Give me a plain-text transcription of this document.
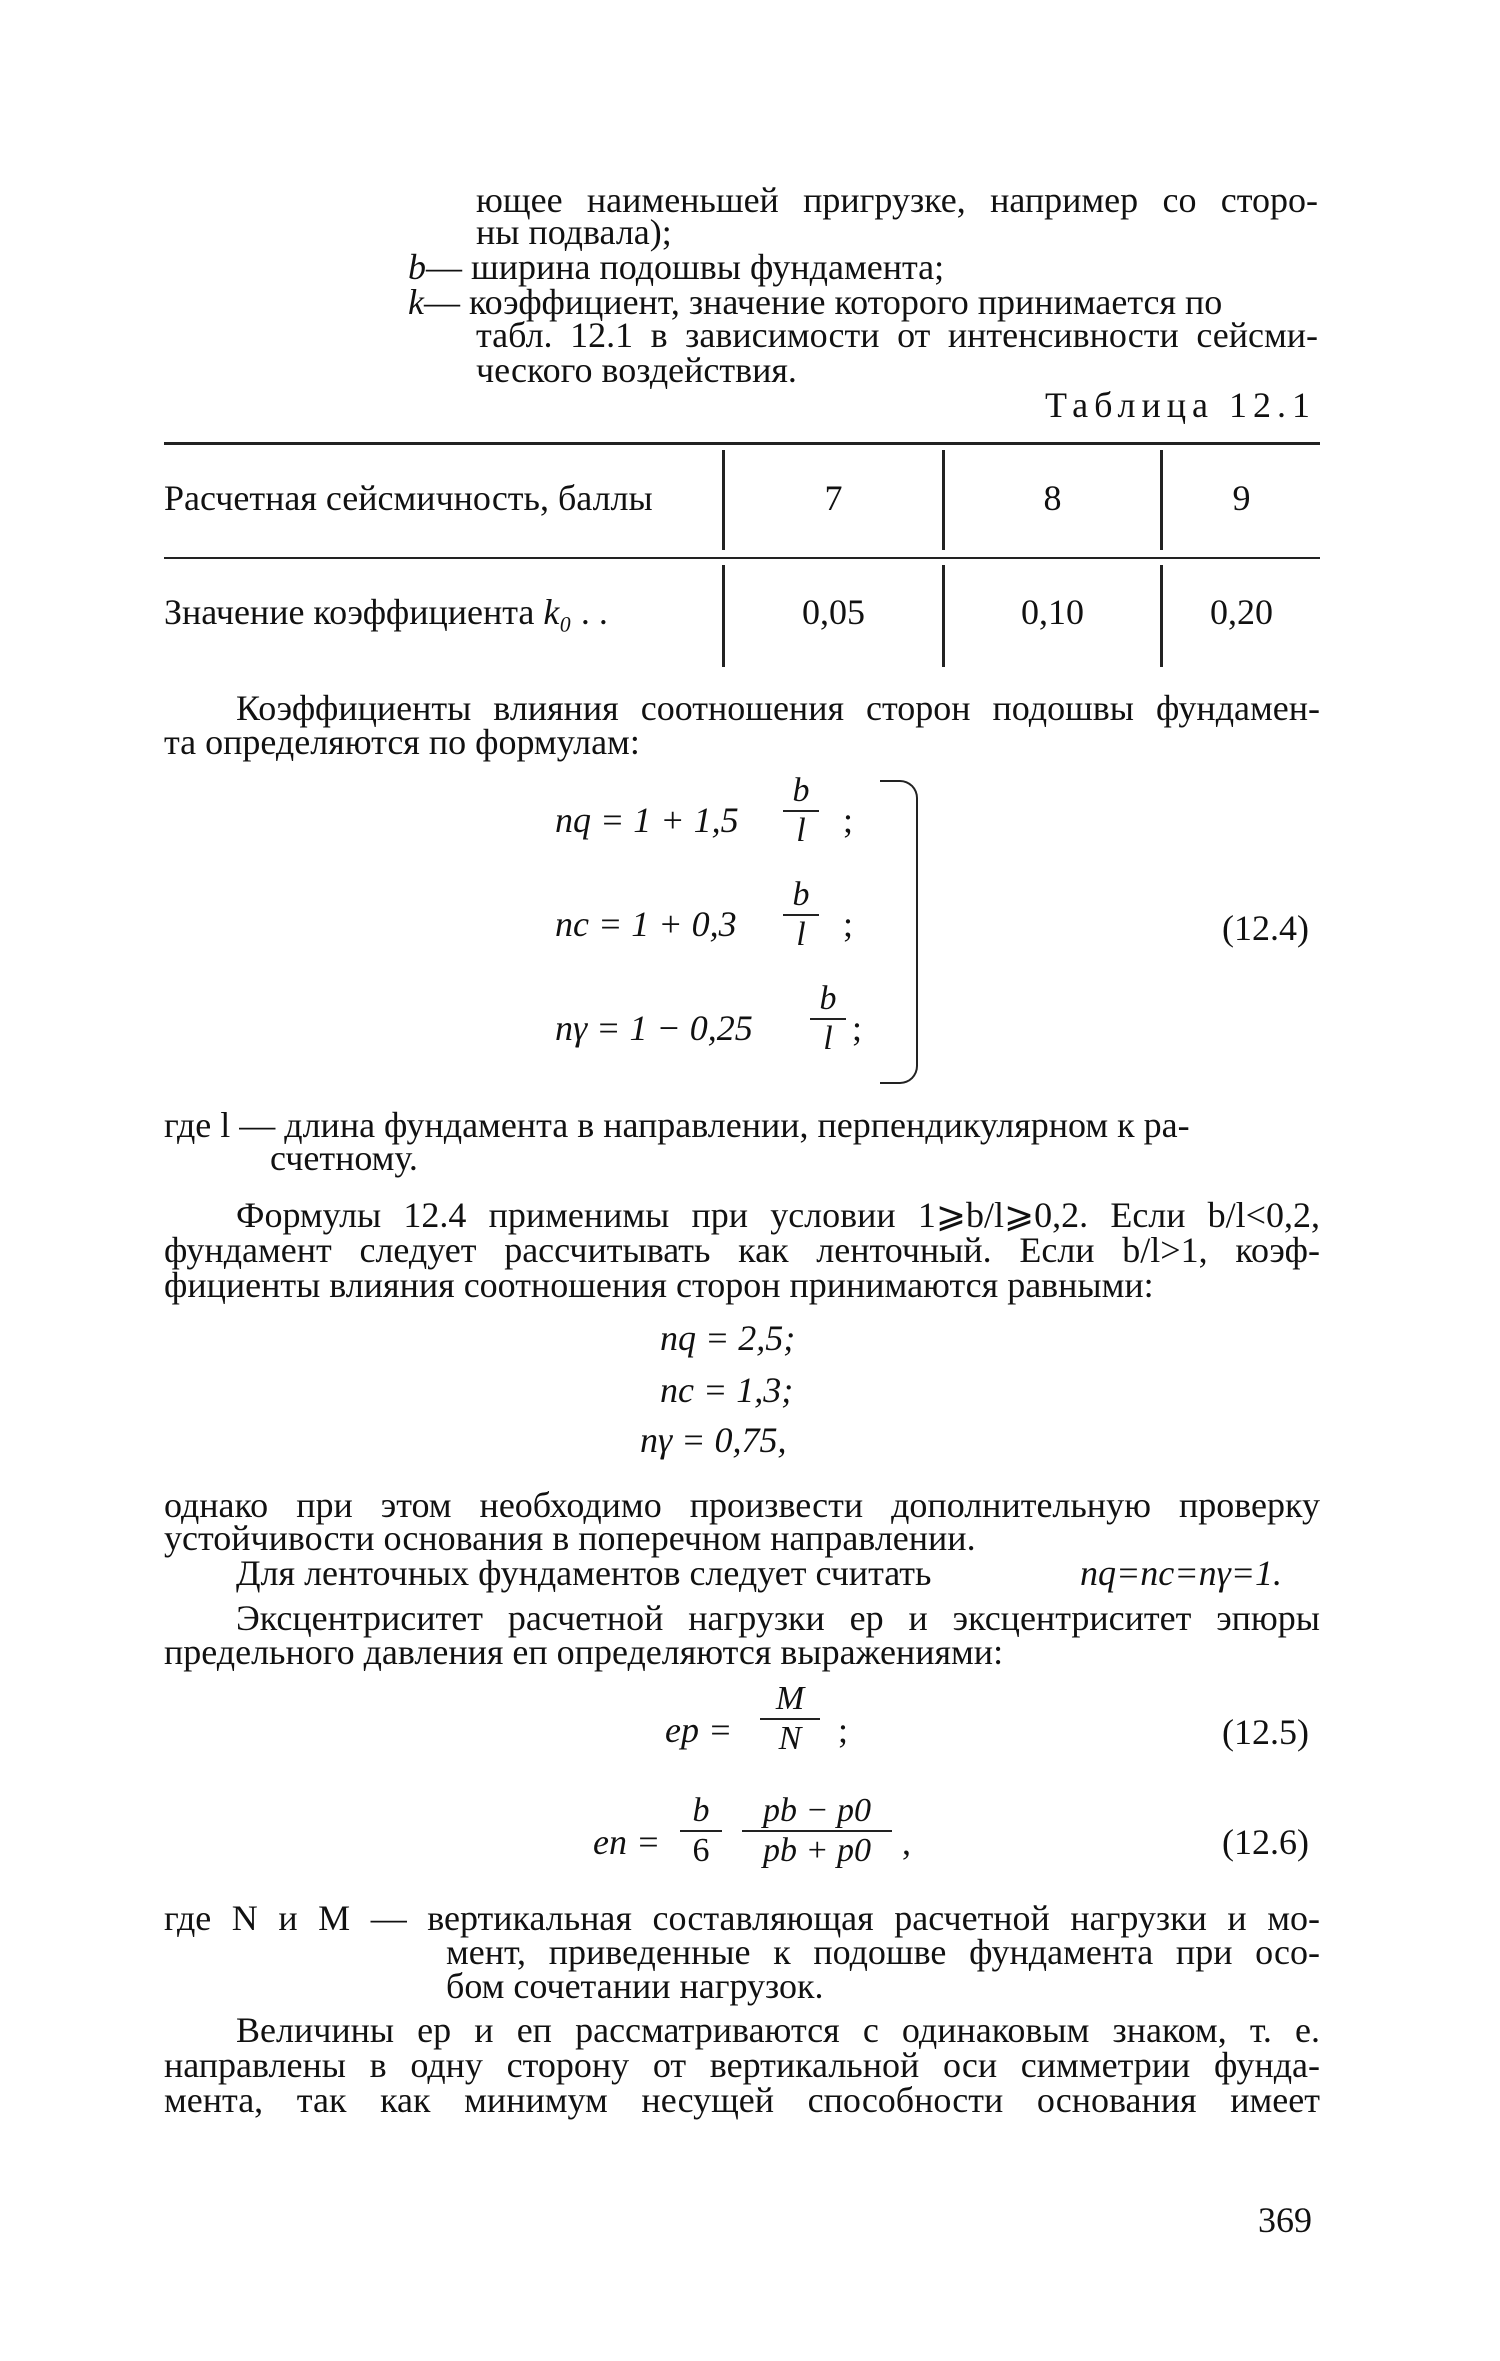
ющее наименьшей пригрузке, например со сторо-
ны подвала);
b— ширина подошвы фундамента;
k— коэффициент, значение которого принимается по
табл. 12.1 в зависимости от интенсивности сейсми-
ческого воздействия.
Таблица 12.1
Расчетная сейсмичность, баллы	7	8	9
Значение коэффициента k₀ . .	0,05	0,10	0,20
Коэффициенты влияния соотношения сторон подошвы фундамен-
та определяются по формулам:
nq = 1 + 1,5
b
l ;
nc = 1 + 0,3
b
l ;
nγ = 1 − 0,25
b
l ;
(12.4)
где l — длина фундамента в направлении, перпендикулярном к ра-
счетному.
Формулы 12.4 применимы при условии 1⩾b/l⩾0,2. Если b/l<0,2,
фундамент следует рассчитывать как ленточный. Если b/l>1, коэф-
фициенты влияния соотношения сторон принимаются равными:
nq = 2,5;
nc = 1,3;
nγ = 0,75,
однако при этом необходимо произвести дополнительную проверку
устойчивости основания в поперечном направлении.
Для ленточных фундаментов следует считать	nq=nc=nγ=1.
Эксцентриситет расчетной нагрузки eр и эксцентриситет эпюры
предельного давления eп определяются выражениями:
eр =
M
N ;	(12.5)
eп =
b
6
pb − p0
pb + p0 ,	(12.6)
где N и M — вертикальная составляющая расчетной нагрузки и мо-
мент, приведенные к подошве фундамента при осо-
бом сочетании нагрузок.
Величины eр и eп рассматриваются с одинаковым знаком, т. е.
направлены в одну сторону от вертикальной оси симметрии фунда-
мента, так как минимум несущей способности основания имеет
369
